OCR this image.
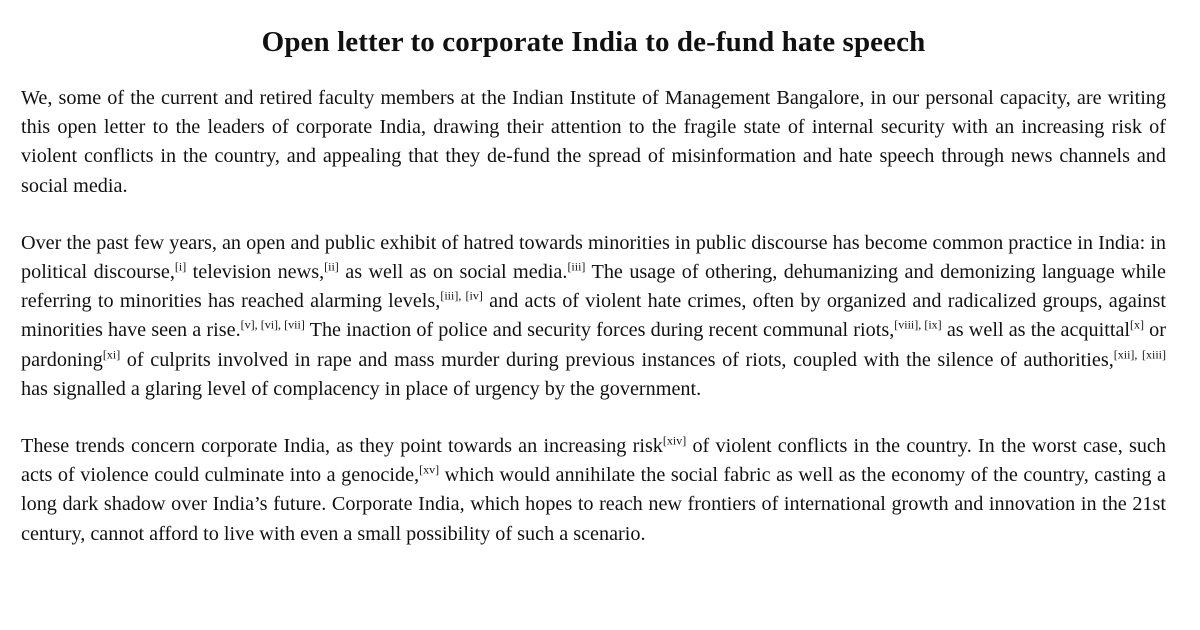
Open letter to corporate India to de-fund hate speech

We, some of the current and retired faculty members at the Indian Institute of Management Bangalore, in our personal capacity, are writing this open letter to the leaders of corporate India, drawing their attention to the fragile state of internal security with an increasing risk of violent conflicts in the country, and appealing that they de-fund the spread of misinformation and hate speech through news channels and social media.

Over the past few years, an open and public exhibit of hatred towards minorities in public discourse has become common practice in India: in political discourse,[i] television news,[ii] as well as on social media.[iii] The usage of othering, dehumanizing and demonizing language while referring to minorities has reached alarming levels,[iii], [iv] and acts of violent hate crimes, often by organized and radicalized groups, against minorities have seen a rise.[v], [vi], [vii] The inaction of police and security forces during recent communal riots,[viii], [ix] as well as the acquittal[x] or pardoning[xi] of culprits involved in rape and mass murder during previous instances of riots, coupled with the silence of authorities,[xii], [xiii] has signalled a glaring level of complacency in place of urgency by the government.

These trends concern corporate India, as they point towards an increasing risk[xiv] of violent conflicts in the country. In the worst case, such acts of violence could culminate into a genocide,[xv] which would annihilate the social fabric as well as the economy of the country, casting a long dark shadow over India’s future. Corporate India, which hopes to reach new frontiers of international growth and innovation in the 21st century, cannot afford to live with even a small possibility of such a scenario.
